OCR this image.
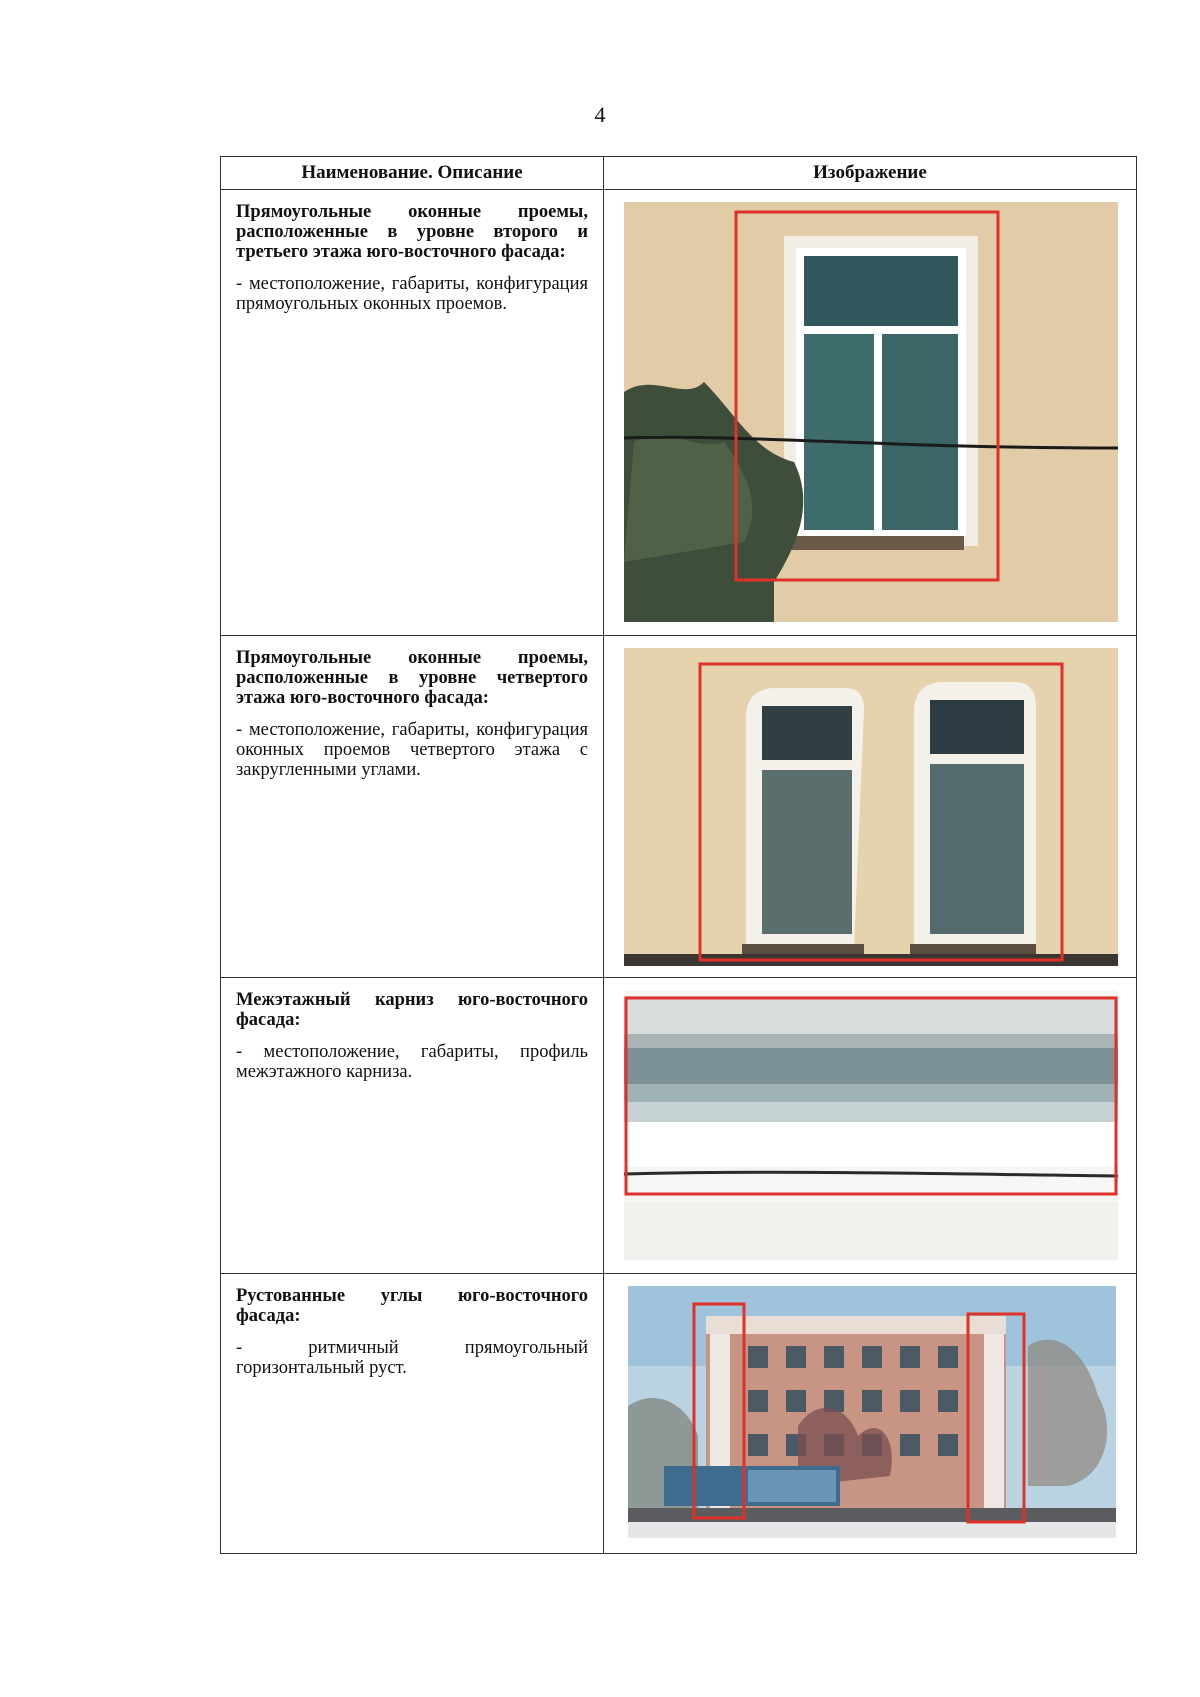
4
Наименование. Описание	Изображение

Прямоугольные оконные проемы, расположенные в уровне второго и третьего этажа юго-восточного фасада:

- местоположение, габариты, конфигурация прямоугольных оконных проемов.

Прямоугольные оконные проемы, расположенные в уровне четвертого этажа юго-восточного фасада:

- местоположение, габариты, конфигурация оконных проемов четвертого этажа с закругленными углами.

Межэтажный карниз юго-восточного фасада:

- местоположение, габариты, профиль межэтажного карниза.

Рустованные углы юго-восточного фасада:

- ритмичный прямоугольный горизонтальный руст.
